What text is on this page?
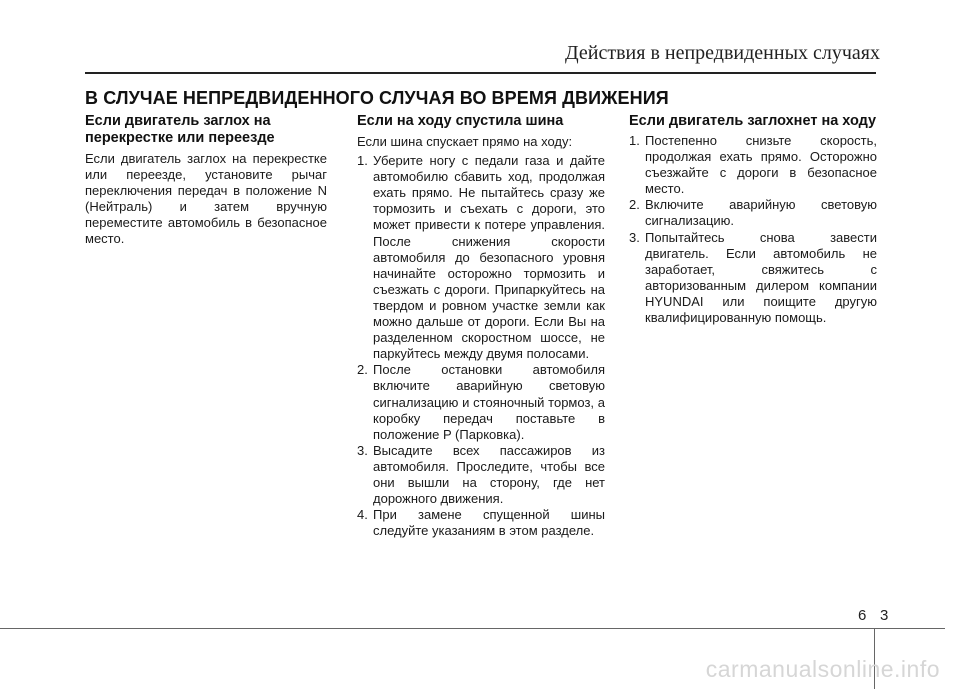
Действия в непредвиденных случаях
В СЛУЧАЕ НЕПРЕДВИДЕННОГО СЛУЧАЯ ВО ВРЕМЯ ДВИЖЕНИЯ
Если двигатель заглох на перекрестке или переезде

Если двигатель заглох на перекрестке или переезде, установите рычаг переключения передач в положение N (Нейтраль) и затем вручную переместите автомобиль в безопасное место.

Если на ходу спустила шина

Если шина спускает прямо на ходу:

1. Уберите ногу с педали газа и дайте автомобилю сбавить ход, продолжая ехать прямо. Не пытайтесь сразу же тормозить и съехать с дороги, это может привести к потере управления. После снижения скорости автомобиля до безопасного уровня начинайте осторожно тормозить и съезжать с дороги. Припаркуйтесь на твердом и ровном участке земли как можно дальше от дороги. Если Вы на разделенном скоростном шоссе, не паркуйтесь между двумя полосами.
2. После остановки автомобиля включите аварийную световую сигнализацию и стояночный тормоз, а коробку передач поставьте в положение P (Парковка).
3. Высадите всех пассажиров из автомобиля. Проследите, чтобы все они вышли на сторону, где нет дорожного движения.
4. При замене спущенной шины следуйте указаниям в этом разделе.
Если двигатель заглохнет на ходу
1. Постепенно снизьте скорость, продолжая ехать прямо. Осторожно съезжайте с дороги в безопасное место.
2. Включите аварийную световую сигнализацию.
3. Попытайтесь снова завести двигатель. Если автомобиль не заработает, свяжитесь с авторизованным дилером компании HYUNDAI или поищите другую квалифицированную помощь.
6 3
carmanualsonline.info
